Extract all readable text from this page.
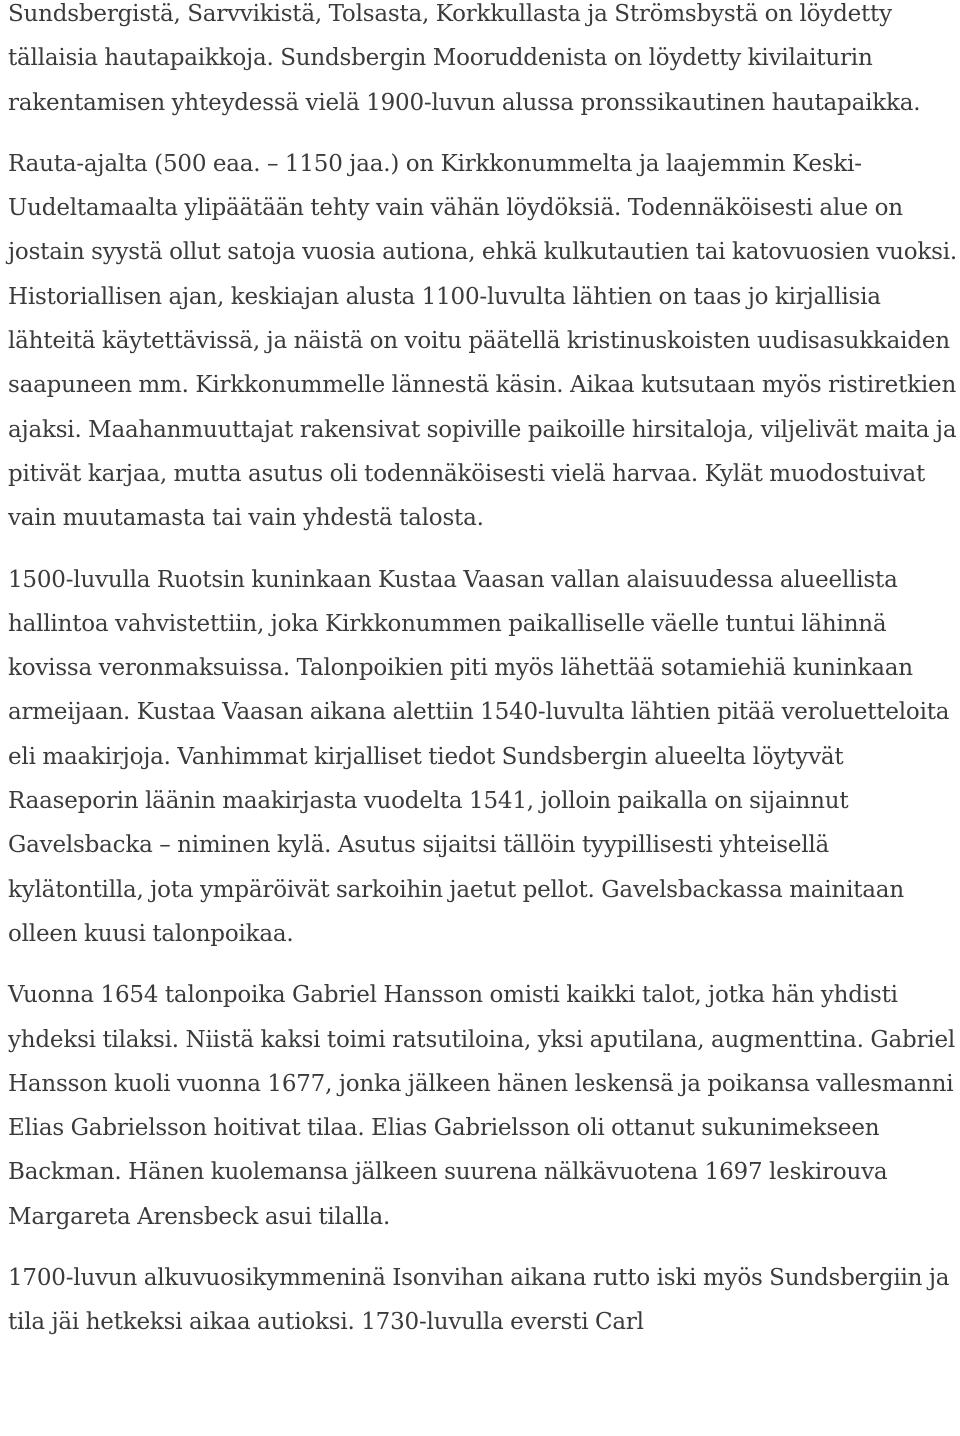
Sundsbergistä, Sarvvikistä, Tolsasta, Korkkullasta ja Strömsbystä on löydetty tällaisia hautapaikkoja. Sundsbergin Mooruddenista on löydetty kivilaiturin rakentamisen yhteydessä vielä 1900-luvun alussa pronssikautinen hautapaikka.

Rauta-ajalta (500 eaa. – 1150 jaa.) on Kirkkonummelta ja laajemmin Keski-Uudeltamaalta ylipäätään tehty vain vähän löydöksiä. Todennäköisesti alue on jostain syystä ollut satoja vuosia autiona, ehkä kulkutautien tai katovuosien vuoksi. Historiallisen ajan, keskiajan alusta 1100-luvulta lähtien on taas jo kirjallisia lähteitä käytettävissä, ja näistä on voitu päätellä kristinuskoisten uudisasukkaiden saapuneen mm. Kirkkonummelle lännestä käsin. Aikaa kutsutaan myös ristiretkien ajaksi. Maahanmuuttajat rakensivat sopiville paikoille hirsitaloja, viljelivät maita ja pitivät karjaa, mutta asutus oli todennäköisesti vielä harvaa. Kylät muodostuivat vain muutamasta tai vain yhdestä talosta.

1500-luvulla Ruotsin kuninkaan Kustaa Vaasan vallan alaisuudessa alueellista hallintoa vahvistettiin, joka Kirkkonummen paikalliselle väelle tuntui lähinnä kovissa veronmaksuissa. Talonpoikien piti myös lähettää sotamiehiä kuninkaan armeijaan. Kustaa Vaasan aikana alettiin 1540-luvulta lähtien pitää veroluetteloita eli maakirjoja. Vanhimmat kirjalliset tiedot Sundsbergin alueelta löytyvät Raaseporin läänin maakirjasta vuodelta 1541, jolloin paikalla on sijainnut Gavelsbacka – niminen kylä. Asutus sijaitsi tällöin tyypillisesti yhteisellä kylätontilla, jota ympäröivät sarkoihin jaetut pellot. Gavelsbackassa mainitaan olleen kuusi talonpoikaa.

Vuonna 1654 talonpoika Gabriel Hansson omisti kaikki talot, jotka hän yhdisti yhdeksi tilaksi. Niistä kaksi toimi ratsutiloina, yksi aputilana, augmenttina. Gabriel Hansson kuoli vuonna 1677, jonka jälkeen hänen leskensä ja poikansa vallesmanni Elias Gabrielsson hoitivat tilaa. Elias Gabrielsson oli ottanut sukunimekseen Backman. Hänen kuolemansa jälkeen suurena nälkävuotena 1697 leskirouva Margareta Arensbeck asui tilalla.

1700-luvun alkuvuosikymmeninä Isonvihan aikana rutto iski myös Sundsbergiin ja tila jäi hetkeksi aikaa autioksi. 1730-luvulla eversti Carl
